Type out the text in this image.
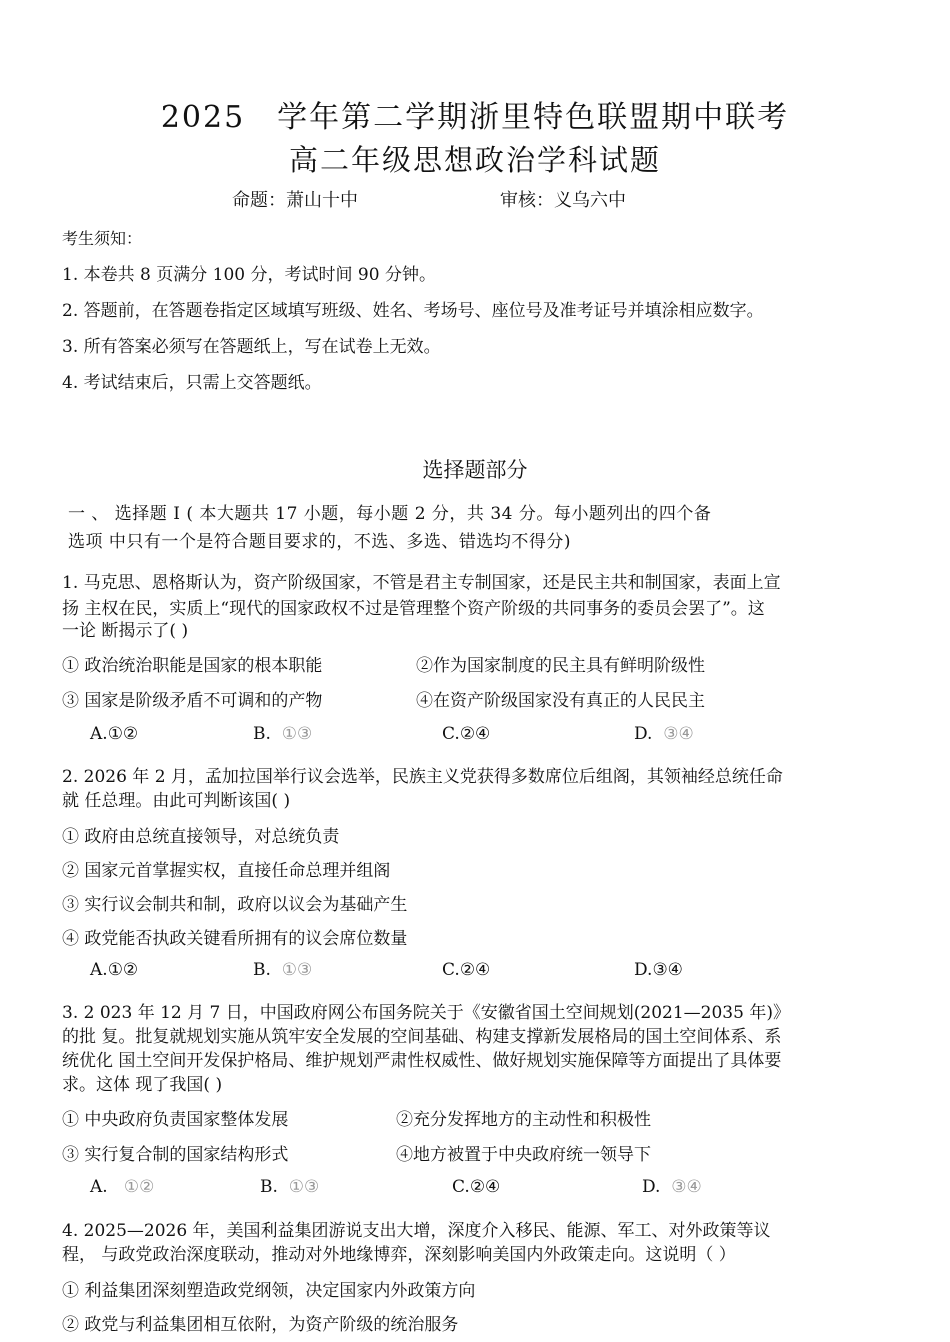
2025　学年第二学期浙里特色联盟期中联考
高二年级思想政治学科试题
命题：萧山十中	审核：义乌六中
考生须知：
1. 本卷共 8 页满分 100 分，考试时间 90 分钟。
2. 答题前，在答题卷指定区域填写班级、姓名、考场号、座位号及准考证号并填涂相应数字。
3. 所有答案必须写在答题纸上，写在试卷上无效。
4. 考试结束后，只需上交答题纸。
选择题部分
一 、 选择题 I ( 本大题共 17 小题，每小题 2 分，共 34 分。每小题列出的四个备
选项 中只有一个是符合题目要求的，不选、多选、错选均不得分)
1. 马克思、恩格斯认为，资产阶级国家，不管是君主专制国家，还是民主共和制国家，表面上宣
扬 主权在民，实质上“现代的国家政权不过是管理整个资产阶级的共同事务的委员会罢了”。这
一论 断揭示了( )
① 政治统治职能是国家的根本职能	②作为国家制度的民主具有鲜明阶级性
③ 国家是阶级矛盾不可调和的产物	④在资产阶级国家没有真正的人民民主
A.①②	B. ①③	C.②④	D. ③④
2. 2026 年 2 月，孟加拉国举行议会选举，民族主义党获得多数席位后组阁，其领袖经总统任命
就 任总理。由此可判断该国( )
① 政府由总统直接领导，对总统负责
② 国家元首掌握实权，直接任命总理并组阁
③ 实行议会制共和制，政府以议会为基础产生
④ 政党能否执政关键看所拥有的议会席位数量
A.①②	B. ①③	C.②④	D.③④
3. 2 023 年 12 月 7 日，中国政府网公布国务院关于《安徽省国土空间规划(2021—2035 年)》
的批 复。批复就规划实施从筑牢安全发展的空间基础、构建支撑新发展格局的国土空间体系、系
统优化 国土空间开发保护格局、维护规划严肃性权威性、做好规划实施保障等方面提出了具体要
求。这体 现了我国( )
① 中央政府负责国家整体发展	②充分发挥地方的主动性和积极性
③ 实行复合制的国家结构形式	④地方被置于中央政府统一领导下
A. ①②	B. ①③	C.②④	D. ③④
4. 2025—2026 年，美国利益集团游说支出大增，深度介入移民、能源、军工、对外政策等议
程， 与政党政治深度联动，推动对外地缘博弈，深刻影响美国内外政策走向。这说明（ ）
① 利益集团深刻塑造政党纲领，决定国家内外政策方向
② 政党与利益集团相互依附，为资产阶级的统治服务
